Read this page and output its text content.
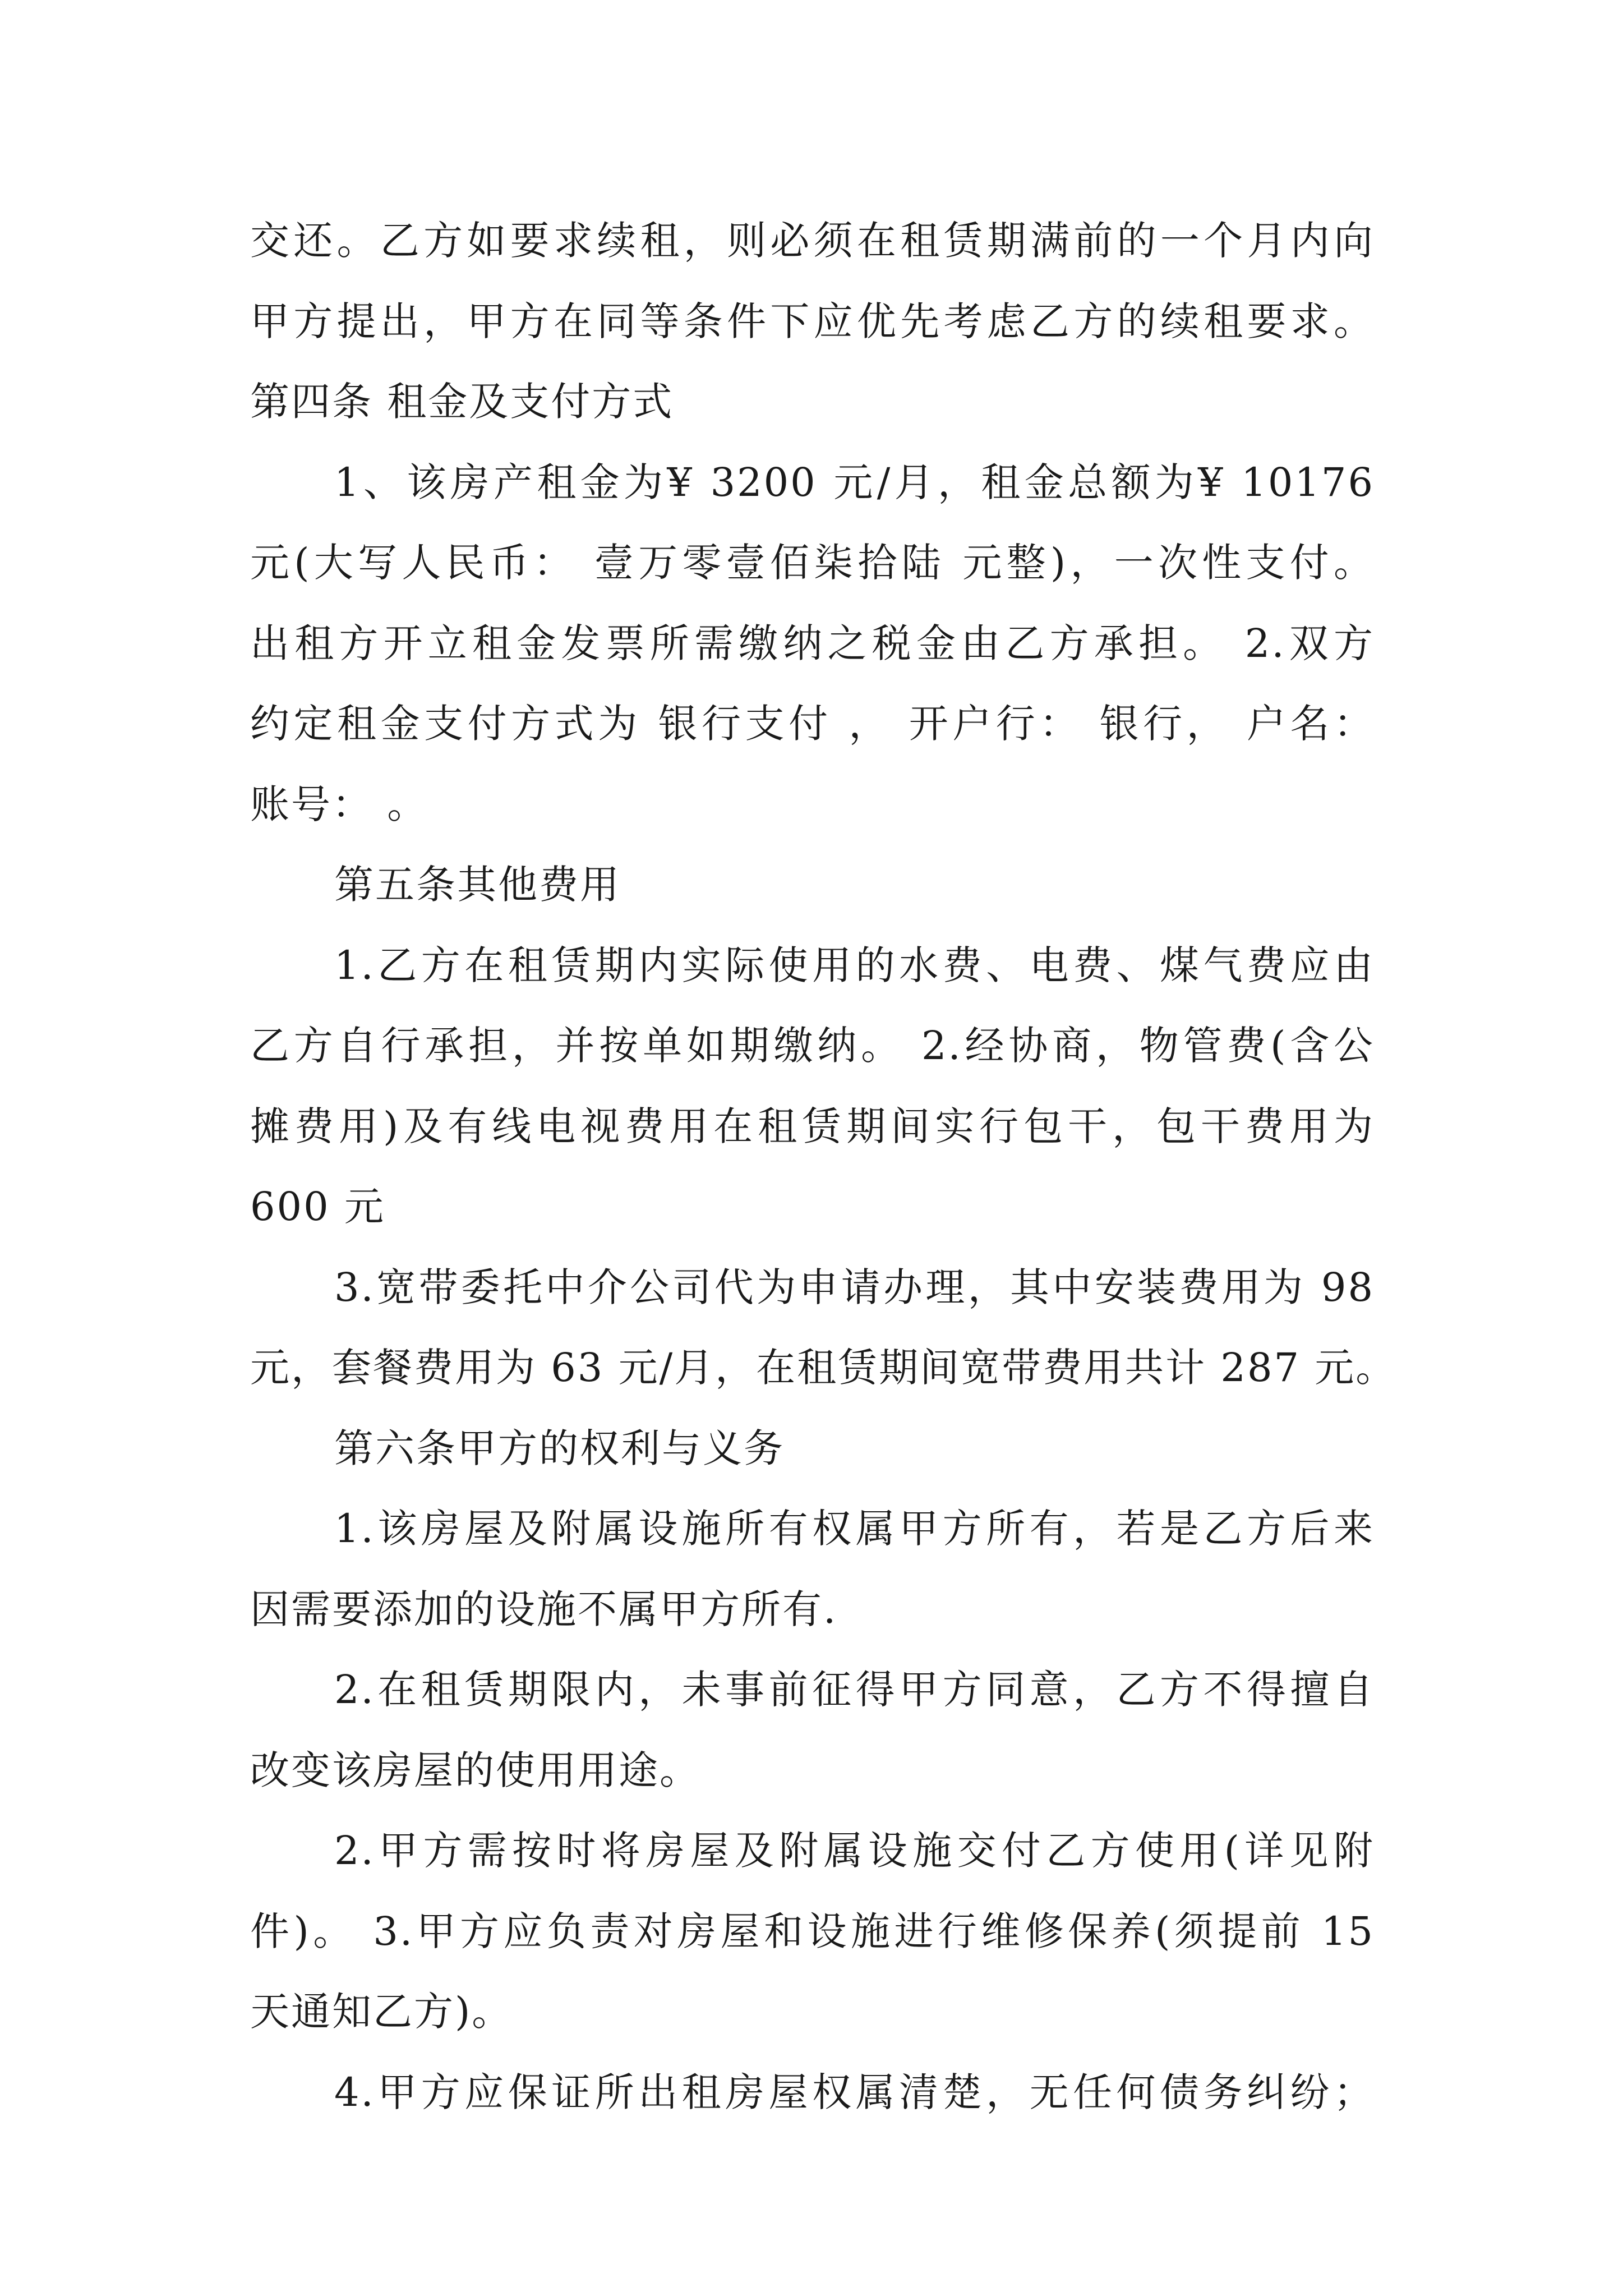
交还。乙方如要求续租，则必须在租赁期满前的一个月内向
甲方提出，甲方在同等条件下应优先考虑乙方的续租要求。
第四条 租金及支付方式
1、该房产租金为¥ 3200 元/月，租金总额为¥ 10176
元(大写人民币： 壹万零壹佰柒拾陆 元整)，一次性支付。
出租方开立租金发票所需缴纳之税金由乙方承担。 2.双方
约定租金支付方式为 银行支付 ， 开户行： 银行， 户名：
账号： 。
第五条其他费用
1.乙方在租赁期内实际使用的水费、电费、煤气费应由
乙方自行承担，并按单如期缴纳。 2.经协商，物管费(含公
摊费用)及有线电视费用在租赁期间实行包干，包干费用为
600 元
3.宽带委托中介公司代为申请办理，其中安装费用为 98
元，套餐费用为 63 元/月，在租赁期间宽带费用共计 287 元。
第六条甲方的权利与义务
1.该房屋及附属设施所有权属甲方所有，若是乙方后来
因需要添加的设施不属甲方所有.
2.在租赁期限内，未事前征得甲方同意，乙方不得擅自
改变该房屋的使用用途。
2.甲方需按时将房屋及附属设施交付乙方使用(详见附
件)。 3.甲方应负责对房屋和设施进行维修保养(须提前 15
天通知乙方)。
4.甲方应保证所出租房屋权属清楚，无任何债务纠纷；
